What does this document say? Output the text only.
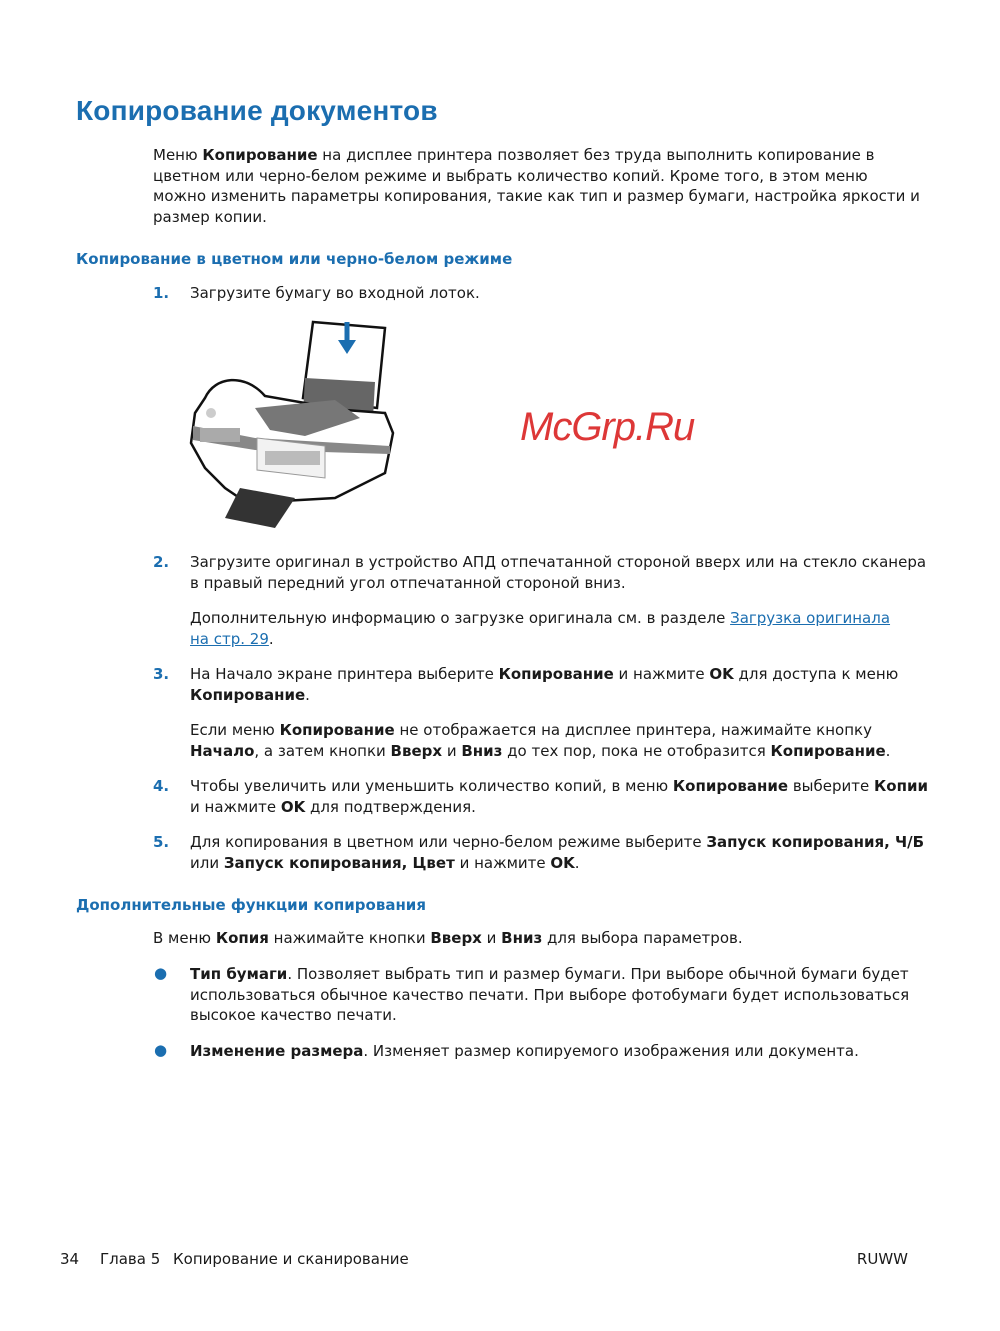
Копирование документов
Меню Копирование на дисплее принтера позволяет без труда выполнить копирование в
цветном или черно-белом режиме и выбрать количество копий. Кроме того, в этом меню
можно изменить параметры копирования, такие как тип и размер бумаги, настройка яркости и
размер копии.
Копирование в цветном или черно-белом режиме
1. Загрузите бумагу во входной лоток.
2. Загрузите оригинал в устройство АПД отпечатанной стороной вверх или на стекло сканера
в правый передний угол отпечатанной стороной вниз.
Дополнительную информацию о загрузке оригинала см. в разделе Загрузка оригинала
на стр. 29.
3. На Начало экране принтера выберите Копирование и нажмите OK для доступа к меню
Копирование.
Если меню Копирование не отображается на дисплее принтера, нажимайте кнопку
Начало, а затем кнопки Вверх и Вниз до тех пор, пока не отобразится Копирование.
4. Чтобы увеличить или уменьшить количество копий, в меню Копирование выберите Копии
и нажмите OK для подтверждения.
5. Для копирования в цветном или черно-белом режиме выберите Запуск копирования, Ч/Б
или Запуск копирования, Цвет и нажмите OK.
Дополнительные функции копирования
В меню Копия нажимайте кнопки Вверх и Вниз для выбора параметров.
● Тип бумаги. Позволяет выбрать тип и размер бумаги. При выборе обычной бумаги будет
использоваться обычное качество печати. При выборе фотобумаги будет использоваться
высокое качество печати.
● Изменение размера. Изменяет размер копируемого изображения или документа.
McGrp.Ru
34 Глава 5 Копирование и сканирование	RUWW
